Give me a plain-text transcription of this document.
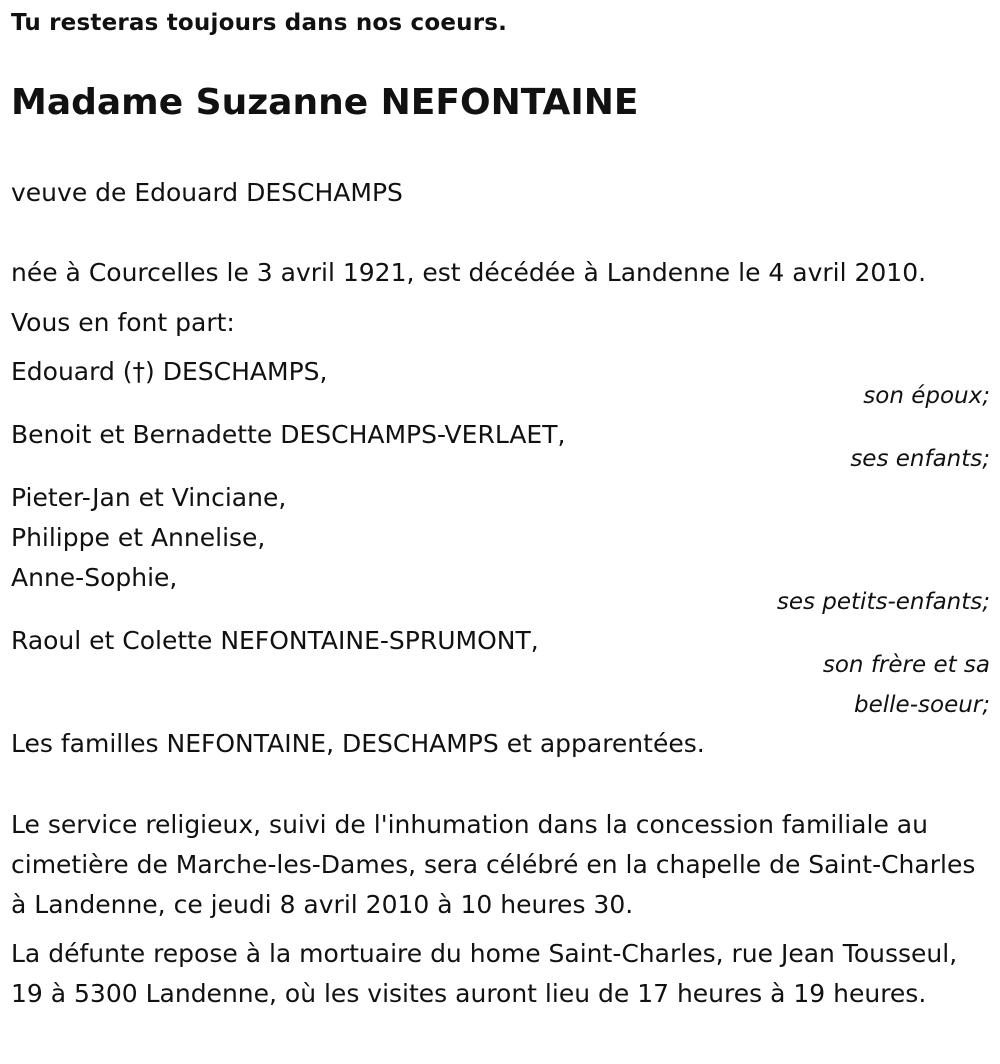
Tu resteras toujours dans nos coeurs.
Madame Suzanne NEFONTAINE
veuve de Edouard DESCHAMPS
née à Courcelles le 3 avril 1921, est décédée à Landenne le 4 avril 2010.
Vous en font part:
Edouard (†) DESCHAMPS,
son époux;
Benoit et Bernadette DESCHAMPS-VERLAET,
ses enfants;
Pieter-Jan et Vinciane,
Philippe et Annelise,
Anne-Sophie,
ses petits-enfants;
Raoul et Colette NEFONTAINE-SPRUMONT,
son frère et sa
belle-soeur;
Les familles NEFONTAINE, DESCHAMPS et apparentées.
Le service religieux, suivi de l'inhumation dans la concession familiale au cimetière de Marche-les-Dames, sera célébré en la chapelle de Saint-Charles à Landenne, ce jeudi 8 avril 2010 à 10 heures 30.
La défunte repose à la mortuaire du home Saint-Charles, rue Jean Tousseul, 19 à 5300 Landenne, où les visites auront lieu de 17 heures à 19 heures.
